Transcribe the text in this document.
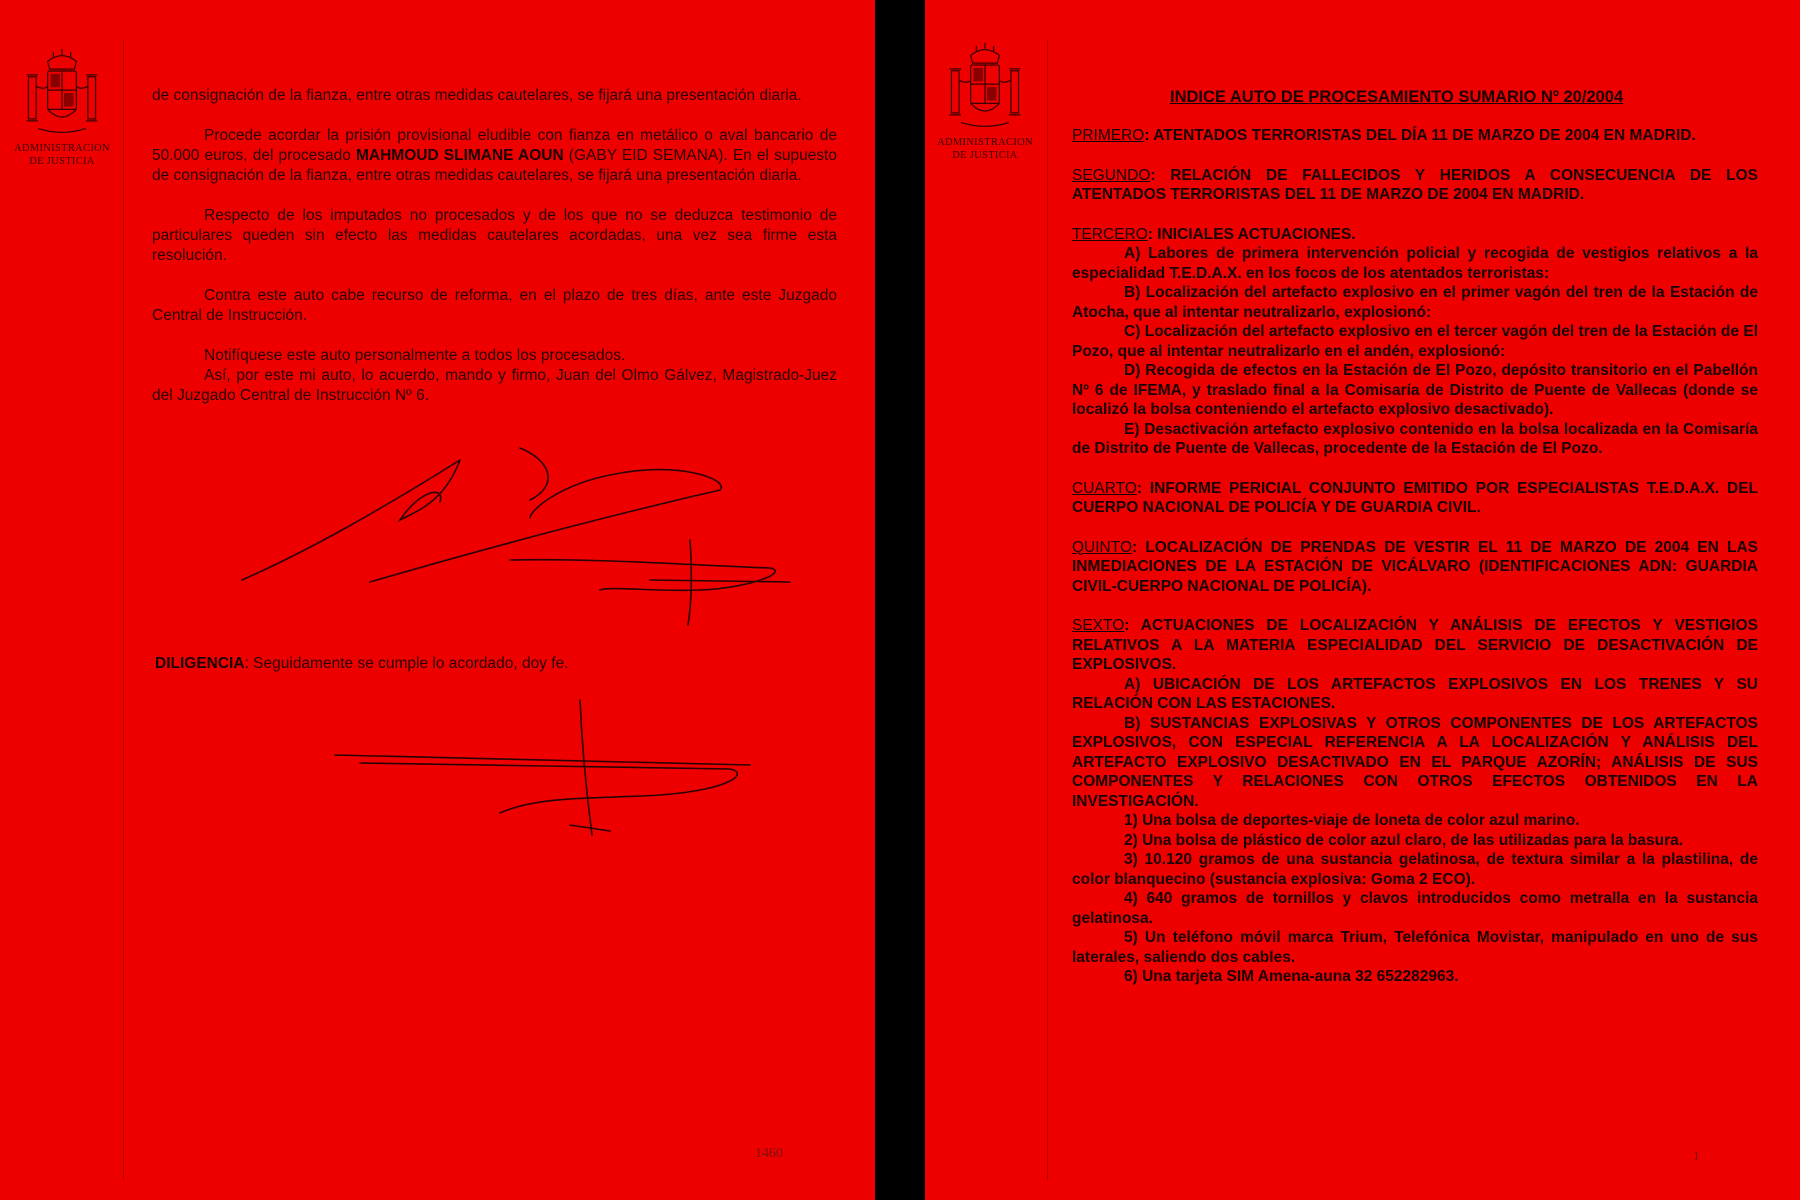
ADMINISTRACION
DE JUSTICIA

de consignación de la fianza, entre otras medidas cautelares, se fijará una presentación diaria.

Procede acordar la prisión provisional eludible con fianza en metálico o aval bancario de 50.000 euros, del procesado MAHMOUD SLIMANE AOUN (GABY EID SEMANA). En el supuesto de consignación de la fianza, entre otras medidas cautelares, se fijará una presentación diaria.

Respecto de los imputados no procesados y de los que no se deduzca testimonio de particulares queden sin efecto las medidas cautelares acordadas, una vez sea firme esta resolución.

Contra este auto cabe recurso de reforma, en el plazo de tres días, ante este Juzgado Central de Instrucción.

Notifíquese este auto personalmente a todos los procesados.

Así, por este mi auto, lo acuerdo, mando y firmo, Juan del Olmo Gálvez, Magistrado-Juez del Juzgado Central de Instrucción Nº 6.

DILIGENCIA: Seguidamente se cumple lo acordado, doy fe.
1460
ADMINISTRACION
DE JUSTICIA
INDICE AUTO DE PROCESAMIENTO SUMARIO Nº 20/2004

PRIMERO: ATENTADOS TERRORISTAS DEL DÍA 11 DE MARZO DE 2004 EN MADRID.

SEGUNDO: RELACIÓN DE FALLECIDOS Y HERIDOS A CONSECUENCIA DE LOS ATENTADOS TERRORISTAS DEL 11 DE MARZO DE 2004 EN MADRID.

TERCERO: INICIALES ACTUACIONES.

A) Labores de primera intervención policial y recogida de vestigios relativos a la especialidad T.E.D.A.X. en los focos de los atentados terroristas:

B) Localización del artefacto explosivo en el primer vagón del tren de la Estación de Atocha, que al intentar neutralizarlo, explosionó:

C) Localización del artefacto explosivo en el tercer vagón del tren de la Estación de El Pozo, que al intentar neutralizarlo en el andén, explosionó:

D) Recogida de efectos en la Estación de El Pozo, depósito transitorio en el Pabellón Nº 6 de IFEMA, y traslado final a la Comisaría de Distrito de Puente de Vallecas (donde se localizó la bolsa conteniendo el artefacto explosivo desactivado).

E) Desactivación artefacto explosivo contenido en la bolsa localizada en la Comisaría de Distrito de Puente de Vallecas, procedente de la Estación de El Pozo.

CUARTO: INFORME PERICIAL CONJUNTO EMITIDO POR ESPECIALISTAS T.E.D.A.X. DEL CUERPO NACIONAL DE POLICÍA Y DE GUARDIA CIVIL.

QUINTO: LOCALIZACIÓN DE PRENDAS DE VESTIR EL 11 DE MARZO DE 2004 EN LAS INMEDIACIONES DE LA ESTACIÓN DE VICÁLVARO (IDENTIFICACIONES ADN: GUARDIA CIVIL-CUERPO NACIONAL DE POLICÍA).

SEXTO: ACTUACIONES DE LOCALIZACIÓN Y ANÁLISIS DE EFECTOS Y VESTIGIOS RELATIVOS A LA MATERIA ESPECIALIDAD DEL SERVICIO DE DESACTIVACIÓN DE EXPLOSIVOS.

A) UBICACIÓN DE LOS ARTEFACTOS EXPLOSIVOS EN LOS TRENES Y SU RELACIÓN CON LAS ESTACIONES.

B) SUSTANCIAS EXPLOSIVAS Y OTROS COMPONENTES DE LOS ARTEFACTOS EXPLOSIVOS, CON ESPECIAL REFERENCIA A LA LOCALIZACIÓN Y ANÁLISIS DEL ARTEFACTO EXPLOSIVO DESACTIVADO EN EL PARQUE AZORÍN; ANÁLISIS DE SUS COMPONENTES Y RELACIONES CON OTROS EFECTOS OBTENIDOS EN LA INVESTIGACIÓN.

1) Una bolsa de deportes-viaje de loneta de color azul marino.

2) Una bolsa de plástico de color azul claro, de las utilizadas para la basura.

3) 10.120 gramos de una sustancia gelatinosa, de textura similar a la plastilina, de color blanquecino (sustancia explosiva: Goma 2 ECO).

4) 640 gramos de tornillos y clavos introducidos como metralla en la sustancia gelatinosa.

5) Un teléfono móvil marca Trium, Telefónica Movistar, manipulado en uno de sus laterales, saliendo dos cables.

6) Una tarjeta SIM Amena-auna 32 652282963.

1
